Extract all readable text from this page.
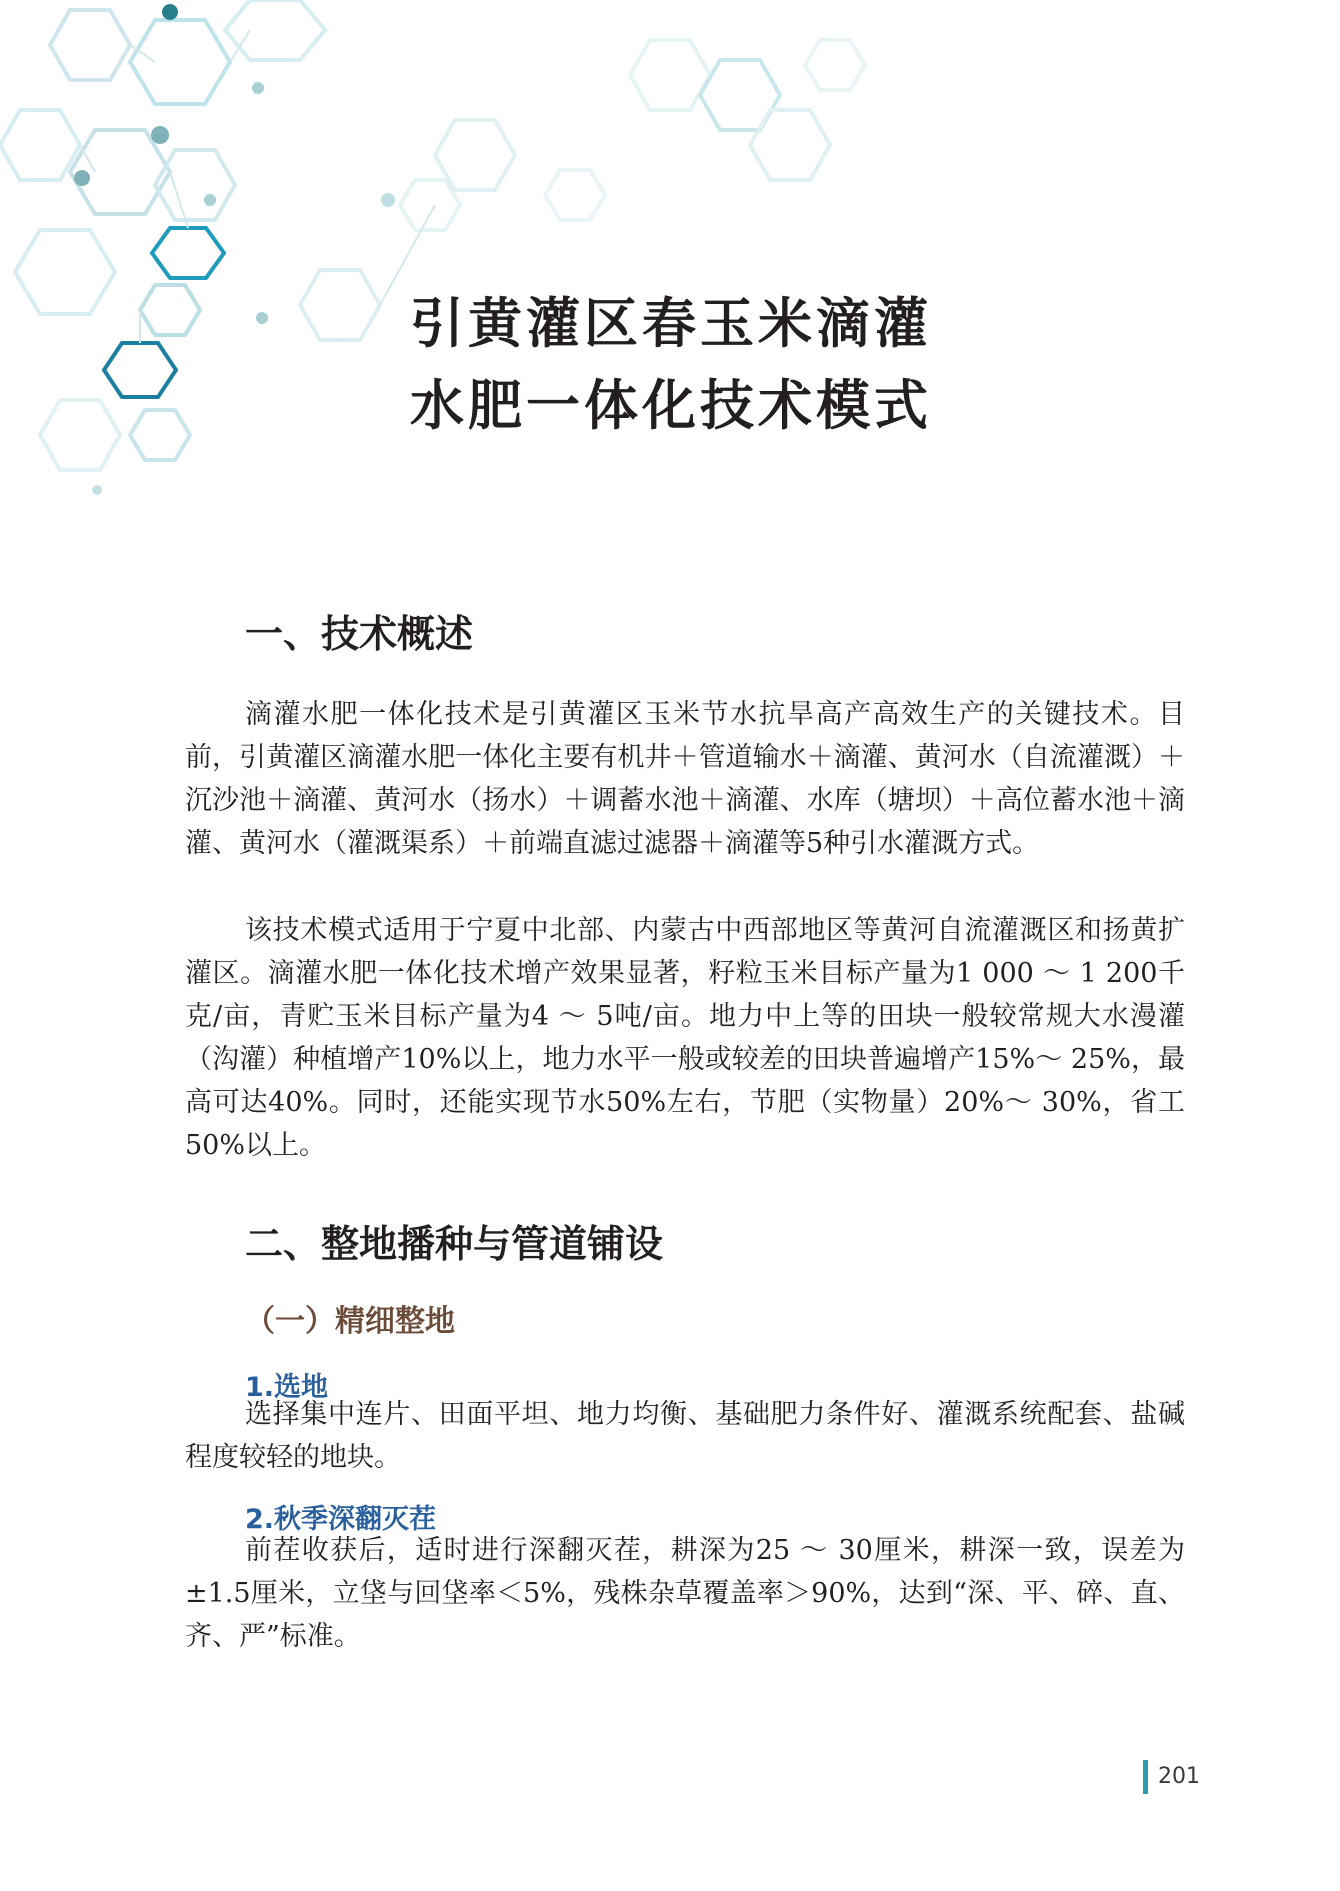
引黄灌区春玉米滴灌
水肥一体化技术模式
一、技术概述

滴灌水肥一体化技术是引黄灌区玉米节水抗旱高产高效生产的关键技术。目前，引黄灌区滴灌水肥一体化主要有机井＋管道输水＋滴灌、黄河水（自流灌溉）＋沉沙池＋滴灌、黄河水（扬水）＋调蓄水池＋滴灌、水库（塘坝）＋高位蓄水池＋滴灌、黄河水（灌溉渠系）＋前端直滤过滤器＋滴灌等5种引水灌溉方式。

该技术模式适用于宁夏中北部、内蒙古中西部地区等黄河自流灌溉区和扬黄扩灌区。滴灌水肥一体化技术增产效果显著，籽粒玉米目标产量为1 000 ～ 1 200千克/亩，青贮玉米目标产量为4 ～ 5吨/亩。地力中上等的田块一般较常规大水漫灌（沟灌）种植增产10%以上，地力水平一般或较差的田块普遍增产15%～ 25%，最高可达40%。同时，还能实现节水50%左右，节肥（实物量）20%～ 30%，省工50%以上。

二、整地播种与管道铺设
（一）精细整地
1.选地

选择集中连片、田面平坦、地力均衡、基础肥力条件好、灌溉系统配套、盐碱程度较轻的地块。

2.秋季深翻灭茬

前茬收获后，适时进行深翻灭茬，耕深为25 ～ 30厘米，耕深一致，误差为±1.5厘米，立垡与回垡率＜5%，残株杂草覆盖率＞90%，达到“深、平、碎、直、齐、严”标准。

201
